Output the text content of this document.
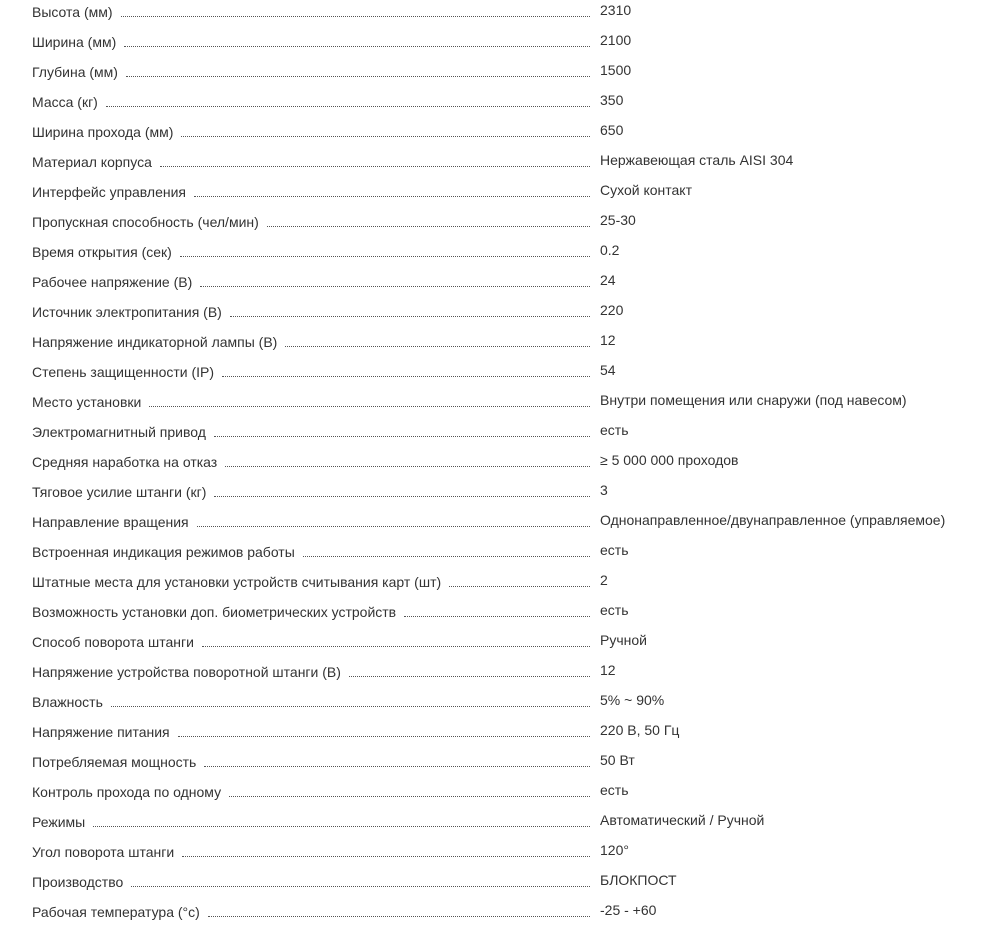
Высота (мм)	2310
Ширина (мм)	2100
Глубина (мм)	1500
Масса (кг)	350
Ширина прохода (мм)	650
Материал корпуса	Нержавеющая сталь AISI 304
Интерфейс управления	Сухой контакт
Пропускная способность (чел/мин)	25-30
Время открытия (сек)	0.2
Рабочее напряжение (В)	24
Источник электропитания (В)	220
Напряжение индикаторной лампы (В)	12
Степень защищенности (IP)	54
Место установки	Внутри помещения или снаружи (под навесом)
Электромагнитный привод	есть
Средняя наработка на отказ	≥ 5 000 000 проходов
Тяговое усилие штанги (кг)	3
Направление вращения	Однонаправленное/двунаправленное (управляемое)
Встроенная индикация режимов работы	есть
Штатные места для установки устройств считывания карт (шт)	2
Возможность установки доп. биометрических устройств	есть
Способ поворота штанги	Ручной
Напряжение устройства поворотной штанги (В)	12
Влажность	5% ~ 90%
Напряжение питания	220 В, 50 Гц
Потребляемая мощность	50 Вт
Контроль прохода по одному	есть
Режимы	Автоматический / Ручной
Угол поворота штанги	120°
Производство	БЛОКПОСТ
Рабочая температура (°c)	-25 - +60
